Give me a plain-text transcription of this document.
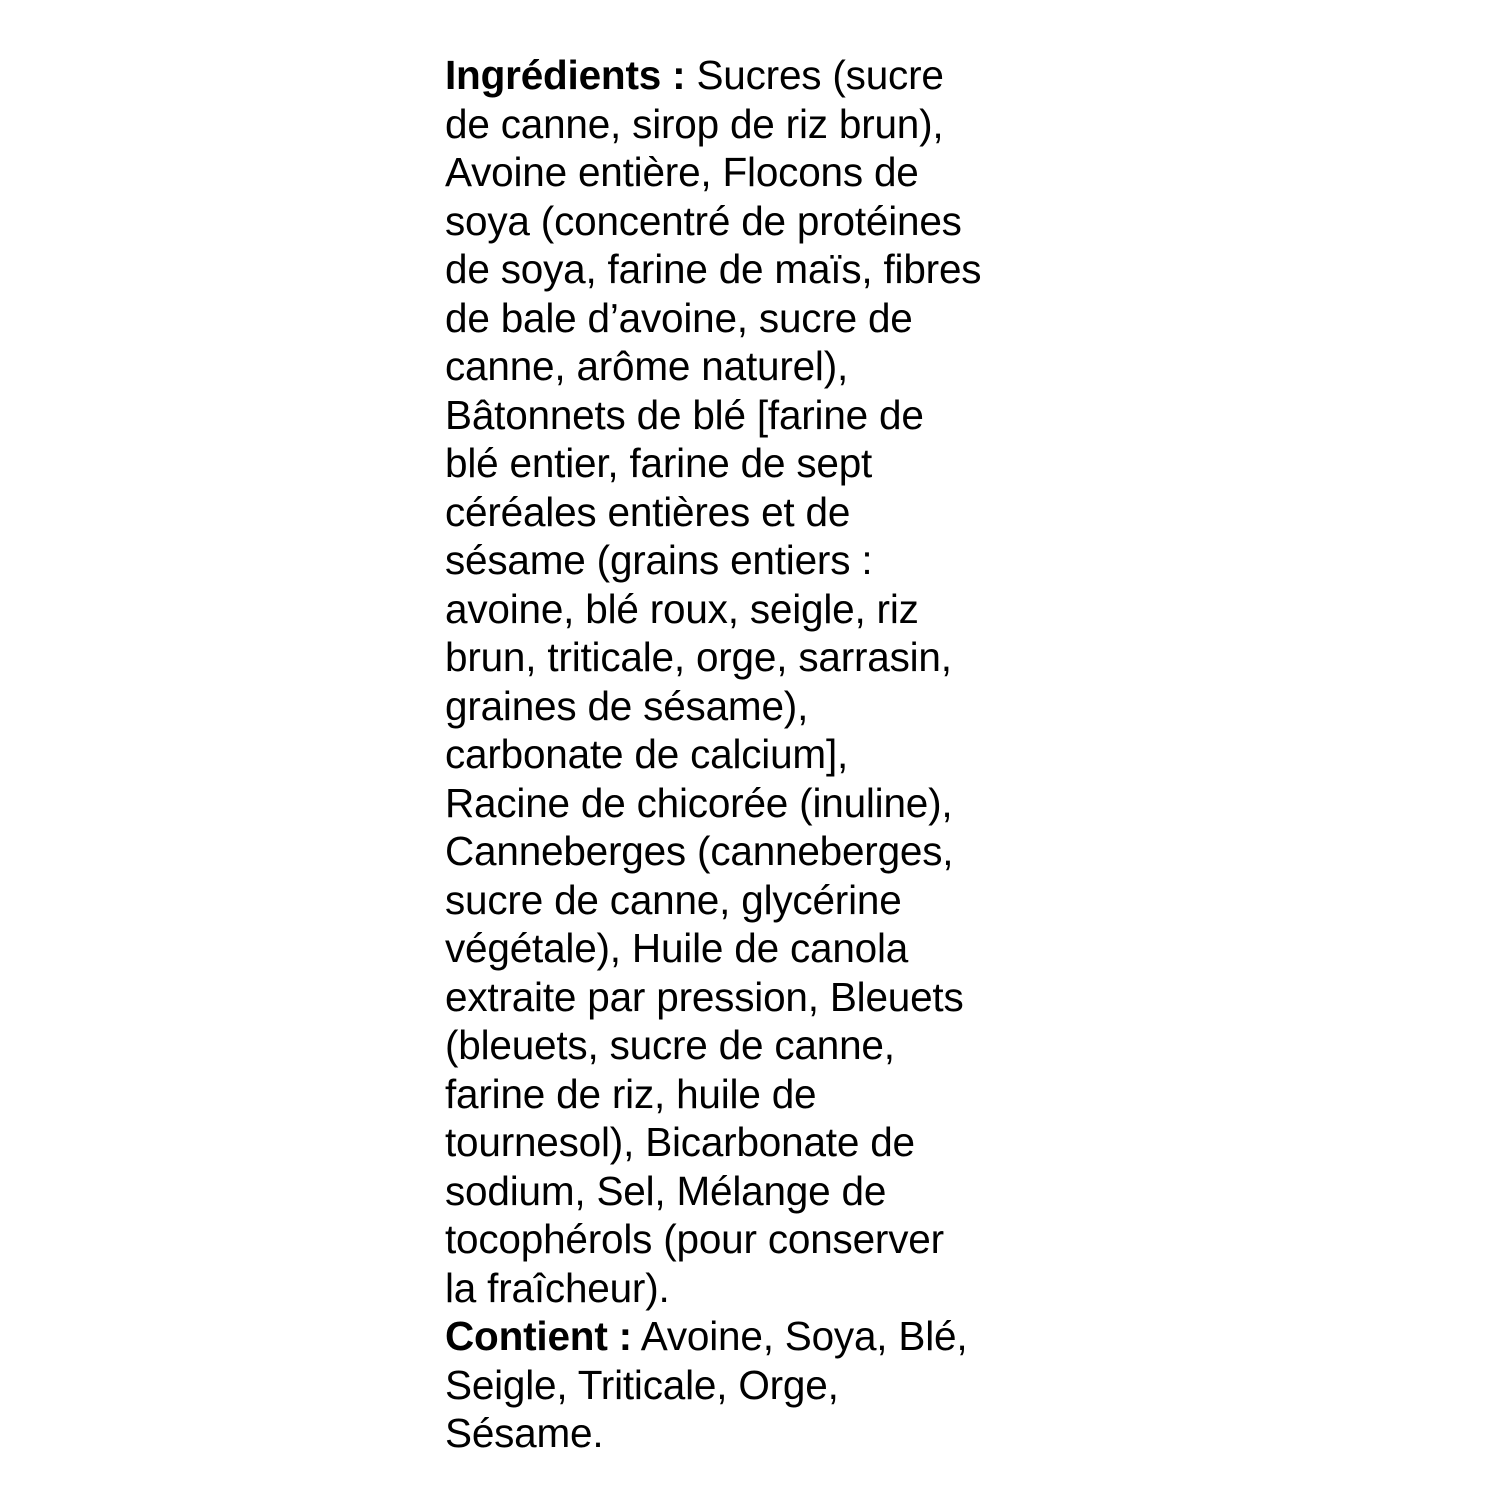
Ingrédients : Sucres (sucre
de canne, sirop de riz brun),
Avoine entière, Flocons de
soya (concentré de protéines
de soya, farine de maïs, fibres
de bale d’avoine, sucre de
canne, arôme naturel),
Bâtonnets de blé [farine de
blé entier, farine de sept
céréales entières et de
sésame (grains entiers :
avoine, blé roux, seigle, riz
brun, triticale, orge, sarrasin,
graines de sésame),
carbonate de calcium],
Racine de chicorée (inuline),
Canneberges (canneberges,
sucre de canne, glycérine
végétale), Huile de canola
extraite par pression, Bleuets
(bleuets, sucre de canne,
farine de riz, huile de
tournesol), Bicarbonate de
sodium, Sel, Mélange de
tocophérols (pour conserver
la fraîcheur).
Contient : Avoine, Soya, Blé,
Seigle, Triticale, Orge,
Sésame.
